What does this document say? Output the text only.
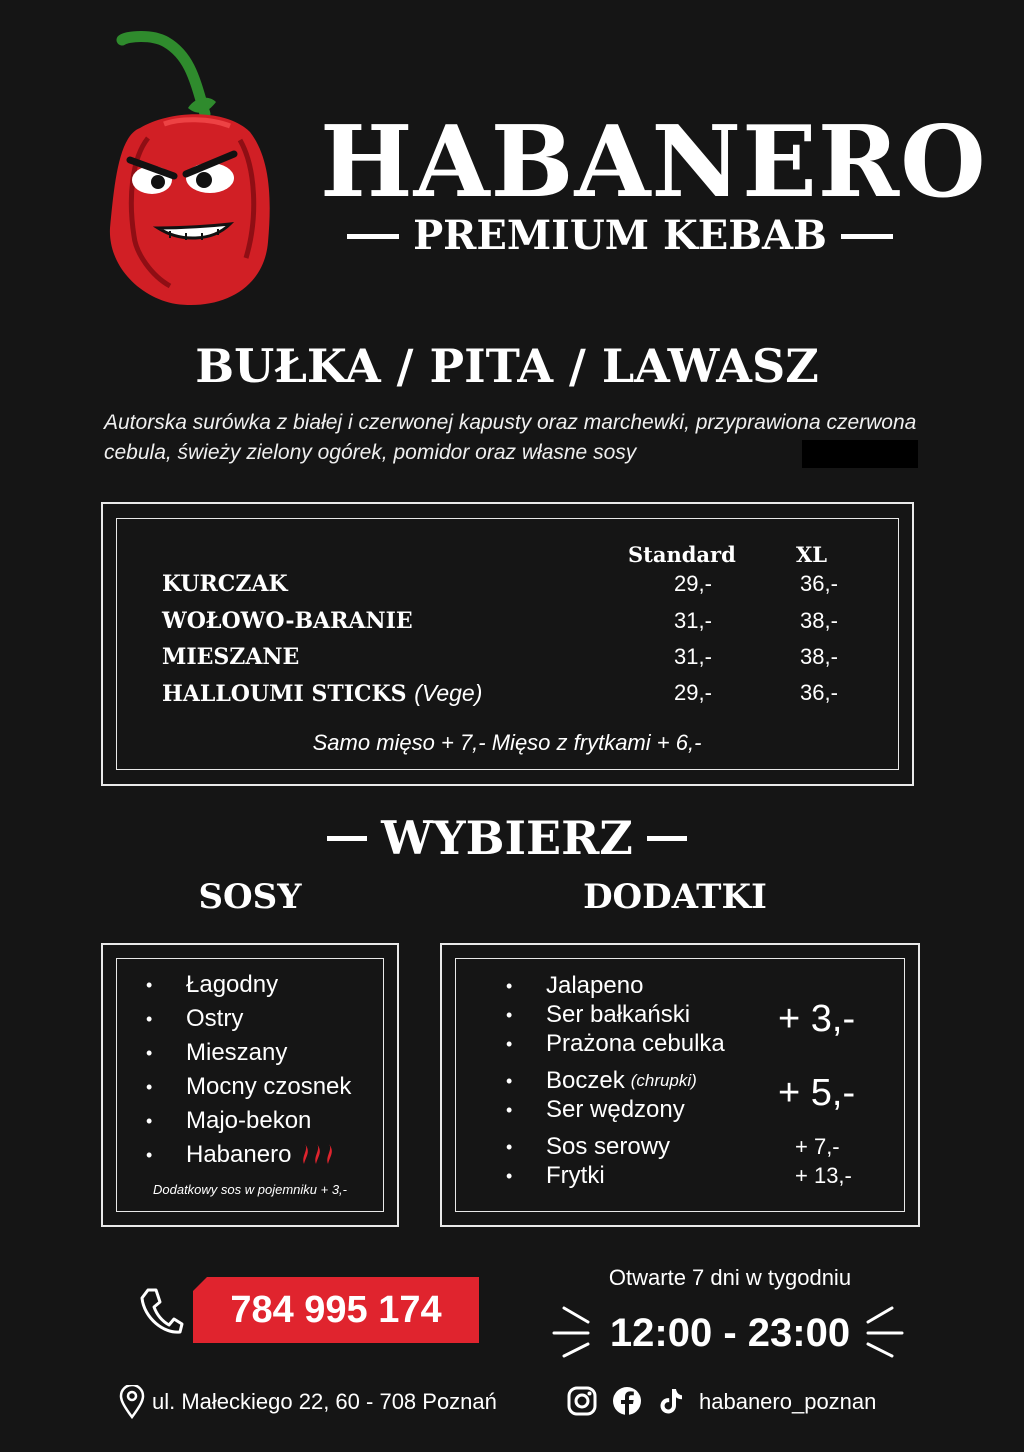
HABANERO
PREMIUM KEBAB
BUŁKA / PITA / LAWASZ
Autorska surówka z białej i czerwonej kapusty oraz marchewki, przyprawiona czerwona cebula, świeży zielony ogórek, pomidor oraz własne sosy
Standard	XL
KURCZAK	29,-	36,-
WOŁOWO-BARANIE	31,-	38,-
MIESZANE	31,-	38,-
HALLOUMI STICKS (Vege)	29,-	36,-
Samo mięso + 7,- Mięso z frytkami + 6,-
WYBIERZ
SOSY	DODATKI
•	Łagodny
•	Ostry
•	Mieszany
•	Mocny czosnek
•	Majo-bekon
•	Habanero
Dodatkowy sos w pojemniku + 3,-
•	Jalapeno
•	Ser bałkański
•	Prażona cebulka
+ 3,-
•	Boczek (chrupki)
•	Ser wędzony + 5,-
•	Sos serowy	+ 7,-
•	Frytki	+ 13,-
784 995 174
Otwarte 7 dni w tygodniu
12:00 - 23:00
ul. Małeckiego 22, 60 - 708 Poznań	habanero_poznan
